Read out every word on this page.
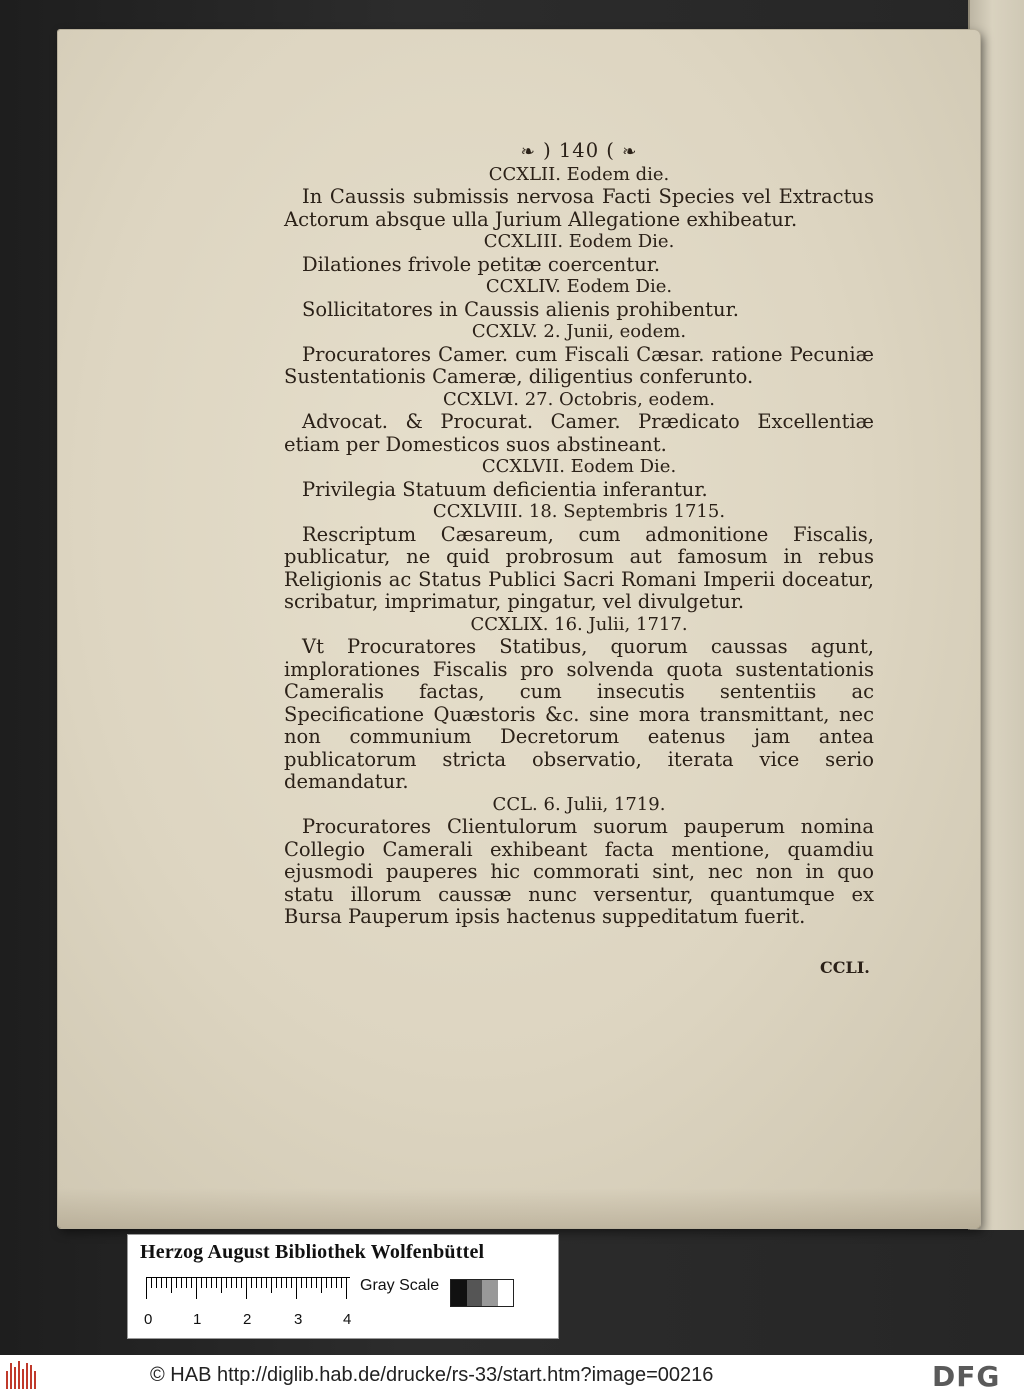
❧ ) 140 ( ❧
CCXLII. Eodem die.

In Caussis submissis nervosa Facti Species vel Extractus Actorum absque ulla Jurium Allegatione exhibeatur.

CCXLIII. Eodem Die.

Dilationes frivole petitæ coercentur.

CCXLIV. Eodem Die.

Sollicitatores in Caussis alienis prohibentur.

CCXLV. 2. Junii, eodem.

Procuratores Camer. cum Fiscali Cæsar. ratione Pecuniæ Sustentationis Cameræ, diligentius conferunto.

CCXLVI. 27. Octobris, eodem.

Advocat. & Procurat. Camer. Prædicato Excellentiæ etiam per Domesticos suos abstineant.

CCXLVII. Eodem Die.

Privilegia Statuum deficientia inferantur.

CCXLVIII. 18. Septembris 1715.

Rescriptum Cæsareum, cum admonitione Fiscalis, publicatur, ne quid probrosum aut famosum in rebus Religionis ac Status Publici Sacri Romani Imperii doceatur, scribatur, imprimatur, pingatur, vel divulgetur.

CCXLIX. 16. Julii, 1717.

Vt Procuratores Statibus, quorum caussas agunt, implorationes Fiscalis pro solvenda quota sustentationis Cameralis factas, cum insecutis sententiis ac Specificatione Quæstoris &c. sine mora transmittant, nec non communium Decretorum eatenus jam antea publicatorum stricta observatio, iterata vice serio demandatur.

CCL. 6. Julii, 1719.

Procuratores Clientulorum suorum pauperum nomina Collegio Camerali exhibeant facta mentione, quamdiu ejusmodi pauperes hic commorati sint, nec non in quo statu illorum caussæ nunc versentur, quantumque ex Bursa Pauperum ipsis hactenus suppeditatum fuerit.

CCLI.
Herzog August Bibliothek Wolfenbüttel
0	1	2	3	4
Gray Scale
© HAB http://diglib.hab.de/drucke/rs-33/start.htm?image=00216	DFG
